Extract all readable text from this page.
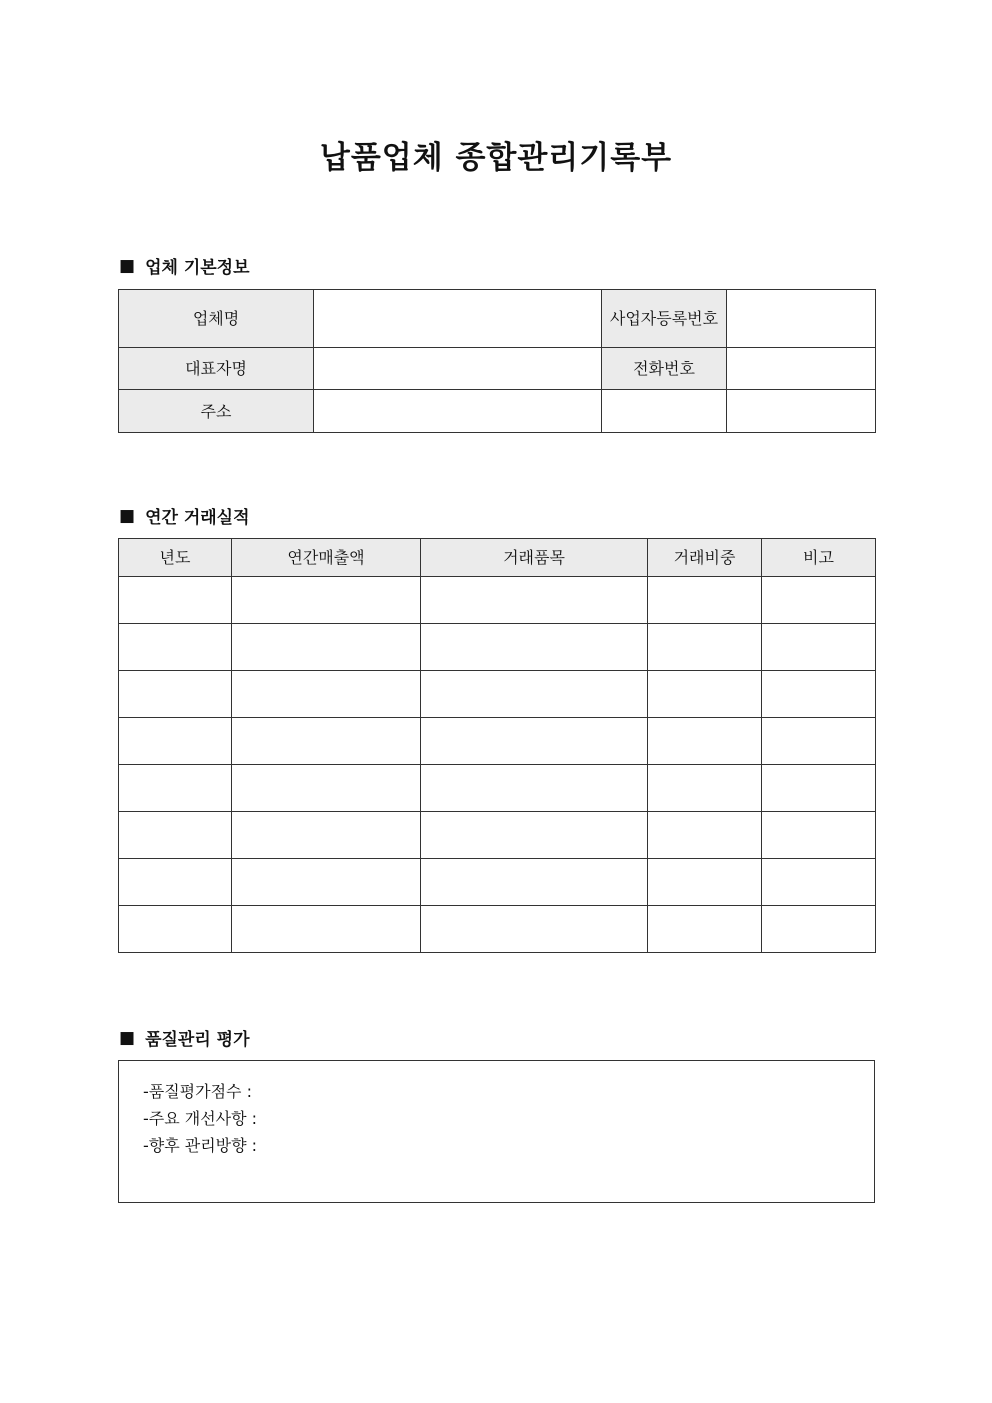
납품업체 종합관리기록부
■ 업체 기본정보
업체명		사업자등록번호	
대표자명		전화번호	
주소			
■ 연간 거래실적
년도	연간매출액	거래품목	거래비중	비고

■ 품질관리 평가

-품질평가점수 :

-주요 개선사항 :

-향후 관리방향 :
